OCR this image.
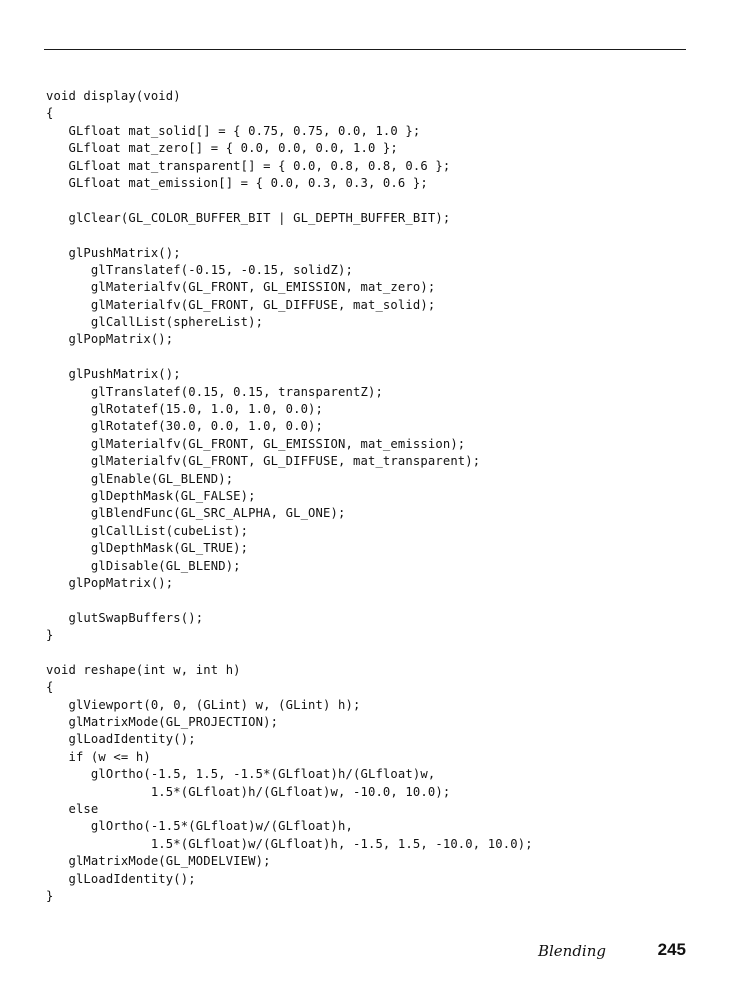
void display(void)
{
GLfloat mat_solid[] = { 0.75, 0.75, 0.0, 1.0 };
GLfloat mat_zero[] = { 0.0, 0.0, 0.0, 1.0 };
GLfloat mat_transparent[] = { 0.0, 0.8, 0.8, 0.6 };
GLfloat mat_emission[] = { 0.0, 0.3, 0.3, 0.6 };
glClear(GL_COLOR_BUFFER_BIT | GL_DEPTH_BUFFER_BIT);
glPushMatrix();
glTranslatef(-0.15, -0.15, solidZ);
glMaterialfv(GL_FRONT, GL_EMISSION, mat_zero);
glMaterialfv(GL_FRONT, GL_DIFFUSE, mat_solid);
glCallList(sphereList);
glPopMatrix();
glPushMatrix();
glTranslatef(0.15, 0.15, transparentZ);
glRotatef(15.0, 1.0, 1.0, 0.0);
glRotatef(30.0, 0.0, 1.0, 0.0);
glMaterialfv(GL_FRONT, GL_EMISSION, mat_emission);
glMaterialfv(GL_FRONT, GL_DIFFUSE, mat_transparent);
glEnable(GL_BLEND);
glDepthMask(GL_FALSE);
glBlendFunc(GL_SRC_ALPHA, GL_ONE);
glCallList(cubeList);
glDepthMask(GL_TRUE);
glDisable(GL_BLEND);
glPopMatrix();
glutSwapBuffers();
}
void reshape(int w, int h)
{
glViewport(0, 0, (GLint) w, (GLint) h);
glMatrixMode(GL_PROJECTION);
glLoadIdentity();
if (w <= h)
glOrtho(-1.5, 1.5, -1.5*(GLfloat)h/(GLfloat)w,
1.5*(GLfloat)h/(GLfloat)w, -10.0, 10.0);
else
glOrtho(-1.5*(GLfloat)w/(GLfloat)h,
1.5*(GLfloat)w/(GLfloat)h, -1.5, 1.5, -10.0, 10.0);
glMatrixMode(GL_MODELVIEW);
glLoadIdentity();
}
Blending	245
